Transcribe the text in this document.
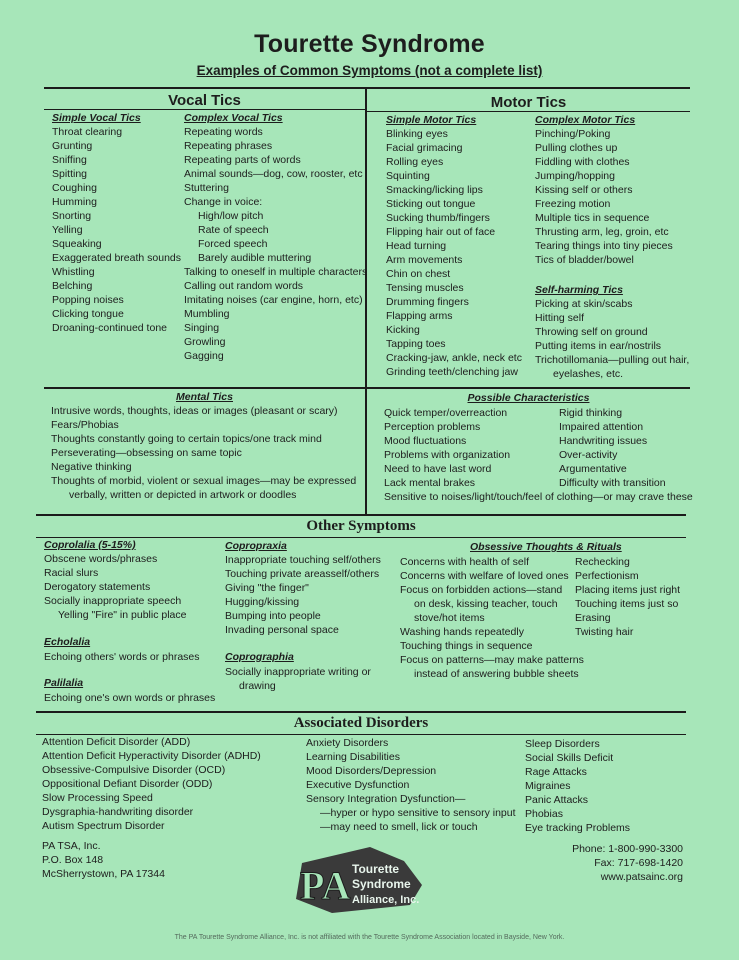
Tourette Syndrome
Examples of Common Symptoms (not a complete list)
Vocal Tics
Simple Vocal Tics
Throat clearing
Grunting
Sniffing
Spitting
Coughing
Humming
Snorting
Yelling
Squeaking
Exaggerated breath sounds
Whistling
Belching
Popping noises
Clicking tongue
Droaning-continued tone
Complex Vocal Tics
Repeating words
Repeating phrases
Repeating parts of words
Animal sounds—dog, cow, rooster, etc
Stuttering
Change in voice:
High/low pitch
Rate of speech
Forced speech
Barely audible muttering
Talking to oneself in multiple characters
Calling out random words
Imitating noises (car engine, horn, etc)
Mumbling
Singing
Growling
Gagging
Motor Tics
Simple Motor Tics
Blinking eyes
Facial grimacing
Rolling eyes
Squinting
Smacking/licking lips
Sticking out tongue
Sucking thumb/fingers
Flipping hair out of face
Head turning
Arm movements
Chin on chest
Tensing muscles
Drumming fingers
Flapping arms
Kicking
Tapping toes
Cracking-jaw, ankle, neck etc
Grinding teeth/clenching jaw
Complex Motor Tics
Pinching/Poking
Pulling clothes up
Fiddling with clothes
Jumping/hopping
Kissing self or others
Freezing motion
Multiple tics in sequence
Thrusting arm, leg, groin, etc
Tearing things into tiny pieces
Tics of bladder/bowel
Self-harming Tics
Picking at skin/scabs
Hitting self
Throwing self on ground
Putting items in ear/nostrils
Trichotillomania—pulling out hair,
eyelashes, etc.
Mental Tics
Intrusive words, thoughts, ideas or images (pleasant or scary)
Fears/Phobias
Thoughts constantly going to certain topics/one track mind
Perseverating—obsessing on same topic
Negative thinking
Thoughts of morbid, violent or sexual images—may be expressed
verbally, written or depicted in artwork or doodles
Possible Characteristics
Quick temper/overreaction
Perception problems
Mood fluctuations
Problems with organization
Need to have last word
Lack mental brakes
Rigid thinking
Impaired attention
Handwriting issues
Over-activity
Argumentative
Difficulty with transition
Sensitive to noises/light/touch/feel of clothing—or may crave these
Other Symptoms
Coprolalia (5-15%)
Obscene words/phrases
Racial slurs
Derogatory statements
Socially inappropriate speech
Yelling "Fire" in public place
Echolalia
Echoing others' words or phrases
Palilalia
Echoing one's own words or phrases
Copropraxia
Inappropriate touching self/others
Touching private areasself/others
Giving "the finger"
Hugging/kissing
Bumping into people
Invading personal space
Coprographia
Socially inappropriate writing or
drawing
Obsessive Thoughts & Rituals
Concerns with health of self
Concerns with welfare of loved ones
Focus on forbidden actions—stand
on desk, kissing teacher, touch
stove/hot items
Washing hands repeatedly
Touching things in sequence
Focus on patterns—may make patterns
instead of answering bubble sheets
Rechecking
Perfectionism
Placing items just right
Touching items just so
Erasing
Twisting hair
Associated Disorders
Attention Deficit Disorder (ADD)
Attention Deficit Hyperactivity Disorder (ADHD)
Obsessive-Compulsive Disorder (OCD)
Oppositional Defiant Disorder (ODD)
Slow Processing Speed
Dysgraphia-handwriting disorder
Autism Spectrum Disorder
Anxiety Disorders
Learning Disabilities
Mood Disorders/Depression
Executive Dysfunction
Sensory Integration Dysfunction—
—hyper or hypo sensitive to sensory input
—may need to smell, lick or touch
Sleep Disorders
Social Skills Deficit
Rage Attacks
Migraines
Panic Attacks
Phobias
Eye tracking Problems
PA TSA, Inc.
P.O. Box 148
McSherrystown, PA 17344
Phone: 1-800-990-3300
Fax: 717-698-1420
www.patsainc.org
PA Tourette
Syndrome
Alliance, Inc.
The PA Tourette Syndrome Alliance, Inc. is not affiliated with the Tourette Syndrome Association located in Bayside, New York.
